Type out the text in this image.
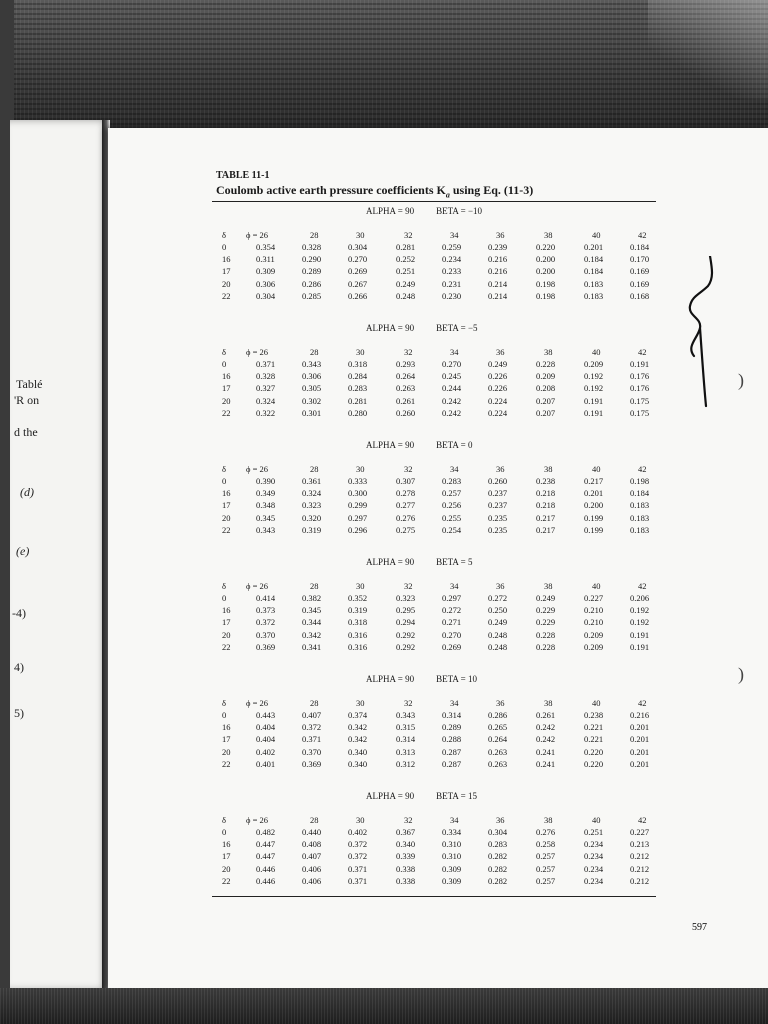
Tablé
'R on
d the
(d)
(e)
-4)
4)
5)
TABLE 11-1
Coulomb active earth pressure coefficients $K_a$ using Eq. (11-3)
ALPHA = 90 BETA = −10
δ ϕ = 26	28	30	32	34	36	38	40	42
0	0.354	0.328	0.304	0.281	0.259	0.239	0.220	0.201	0.184
16	0.311	0.290	0.270	0.252	0.234	0.216	0.200	0.184	0.170
17	0.309	0.289	0.269	0.251	0.233	0.216	0.200	0.184	0.169
20	0.306	0.286	0.267	0.249	0.231	0.214	0.198	0.183	0.169
22	0.304	0.285	0.266	0.248	0.230	0.214	0.198	0.183	0.168
ALPHA = 90 BETA = −5
δ ϕ = 26	28	30	32	34	36	38	40	42
0	0.371	0.343	0.318	0.293	0.270	0.249	0.228	0.209	0.191
16	0.328	0.306	0.284	0.264	0.245	0.226	0.209	0.192	0.176
17	0.327	0.305	0.283	0.263	0.244	0.226	0.208	0.192	0.176
20	0.324	0.302	0.281	0.261	0.242	0.224	0.207	0.191	0.175
22	0.322	0.301	0.280	0.260	0.242	0.224	0.207	0.191	0.175
ALPHA = 90 BETA = 0
δ ϕ = 26	28	30	32	34	36	38	40	42
0	0.390	0.361	0.333	0.307	0.283	0.260	0.238	0.217	0.198
16	0.349	0.324	0.300	0.278	0.257	0.237	0.218	0.201	0.184
17	0.348	0.323	0.299	0.277	0.256	0.237	0.218	0.200	0.183
20	0.345	0.320	0.297	0.276	0.255	0.235	0.217	0.199	0.183
22	0.343	0.319	0.296	0.275	0.254	0.235	0.217	0.199	0.183
ALPHA = 90 BETA = 5
δ ϕ = 26	28	30	32	34	36	38	40	42
0	0.414	0.382	0.352	0.323	0.297	0.272	0.249	0.227	0.206
16	0.373	0.345	0.319	0.295	0.272	0.250	0.229	0.210	0.192
17	0.372	0.344	0.318	0.294	0.271	0.249	0.229	0.210	0.192
20	0.370	0.342	0.316	0.292	0.270	0.248	0.228	0.209	0.191
22	0.369	0.341	0.316	0.292	0.269	0.248	0.228	0.209	0.191
ALPHA = 90 BETA = 10
δ ϕ = 26	28	30	32	34	36	38	40	42
0	0.443	0.407	0.374	0.343	0.314	0.286	0.261	0.238	0.216
16	0.404	0.372	0.342	0.315	0.289	0.265	0.242	0.221	0.201
17	0.404	0.371	0.342	0.314	0.288	0.264	0.242	0.221	0.201
20	0.402	0.370	0.340	0.313	0.287	0.263	0.241	0.220	0.201
22	0.401	0.369	0.340	0.312	0.287	0.263	0.241	0.220	0.201
ALPHA = 90 BETA = 15
δ ϕ = 26	28	30	32	34	36	38	40	42
0	0.482	0.440	0.402	0.367	0.334	0.304	0.276	0.251	0.227
16	0.447	0.408	0.372	0.340	0.310	0.283	0.258	0.234	0.213
17	0.447	0.407	0.372	0.339	0.310	0.282	0.257	0.234	0.212
20	0.446	0.406	0.371	0.338	0.309	0.282	0.257	0.234	0.212
22	0.446	0.406	0.371	0.338	0.309	0.282	0.257	0.234	0.212
597
)
)
